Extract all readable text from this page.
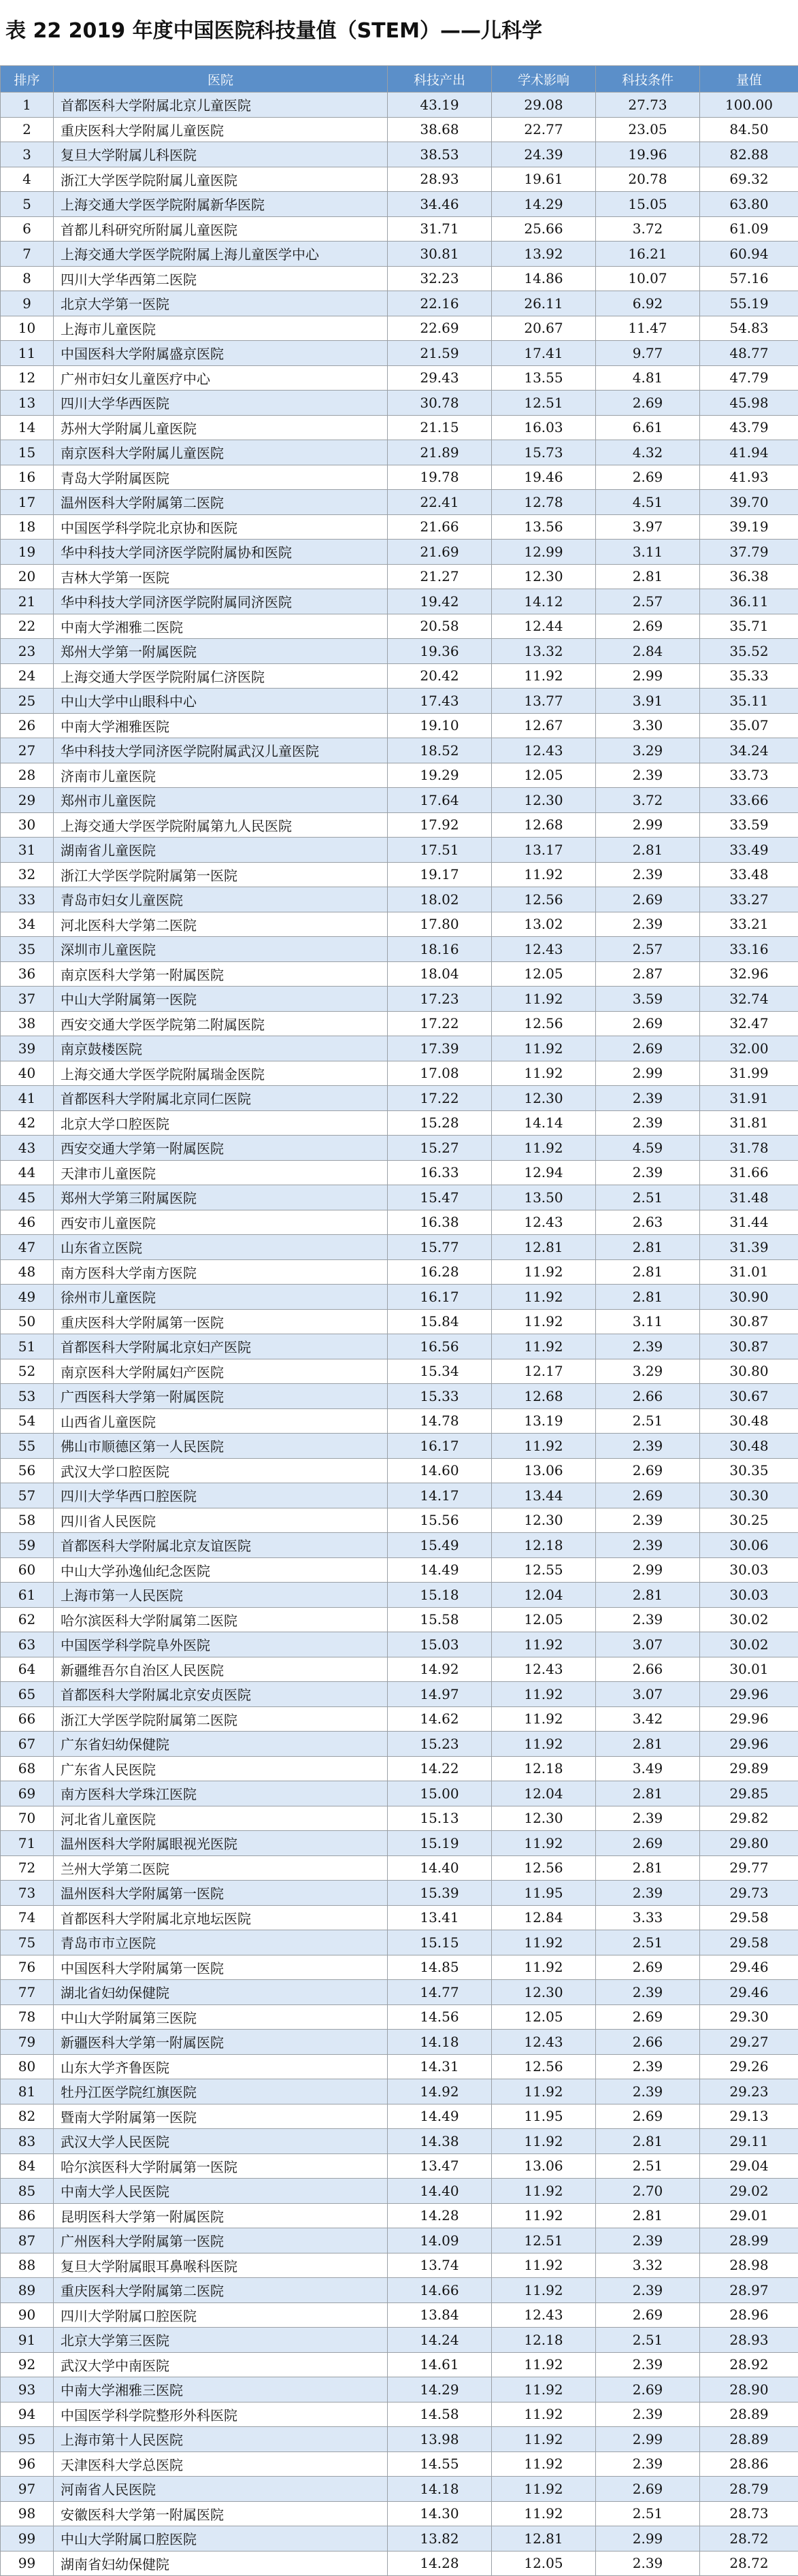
表 22 2019 年度中国医院科技量值（STEM）——儿科学
排序	医院	科技产出	学术影响	科技条件	量值
1	首都医科大学附属北京儿童医院	43.19	29.08	27.73	100.00
2	重庆医科大学附属儿童医院	38.68	22.77	23.05	84.50
3	复旦大学附属儿科医院	38.53	24.39	19.96	82.88
4	浙江大学医学院附属儿童医院	28.93	19.61	20.78	69.32
5	上海交通大学医学院附属新华医院	34.46	14.29	15.05	63.80
6	首都儿科研究所附属儿童医院	31.71	25.66	3.72	61.09
7	上海交通大学医学院附属上海儿童医学中心	30.81	13.92	16.21	60.94
8	四川大学华西第二医院	32.23	14.86	10.07	57.16
9	北京大学第一医院	22.16	26.11	6.92	55.19
10	上海市儿童医院	22.69	20.67	11.47	54.83
11	中国医科大学附属盛京医院	21.59	17.41	9.77	48.77
12	广州市妇女儿童医疗中心	29.43	13.55	4.81	47.79
13	四川大学华西医院	30.78	12.51	2.69	45.98
14	苏州大学附属儿童医院	21.15	16.03	6.61	43.79
15	南京医科大学附属儿童医院	21.89	15.73	4.32	41.94
16	青岛大学附属医院	19.78	19.46	2.69	41.93
17	温州医科大学附属第二医院	22.41	12.78	4.51	39.70
18	中国医学科学院北京协和医院	21.66	13.56	3.97	39.19
19	华中科技大学同济医学院附属协和医院	21.69	12.99	3.11	37.79
20	吉林大学第一医院	21.27	12.30	2.81	36.38
21	华中科技大学同济医学院附属同济医院	19.42	14.12	2.57	36.11
22	中南大学湘雅二医院	20.58	12.44	2.69	35.71
23	郑州大学第一附属医院	19.36	13.32	2.84	35.52
24	上海交通大学医学院附属仁济医院	20.42	11.92	2.99	35.33
25	中山大学中山眼科中心	17.43	13.77	3.91	35.11
26	中南大学湘雅医院	19.10	12.67	3.30	35.07
27	华中科技大学同济医学院附属武汉儿童医院	18.52	12.43	3.29	34.24
28	济南市儿童医院	19.29	12.05	2.39	33.73
29	郑州市儿童医院	17.64	12.30	3.72	33.66
30	上海交通大学医学院附属第九人民医院	17.92	12.68	2.99	33.59
31	湖南省儿童医院	17.51	13.17	2.81	33.49
32	浙江大学医学院附属第一医院	19.17	11.92	2.39	33.48
33	青岛市妇女儿童医院	18.02	12.56	2.69	33.27
34	河北医科大学第二医院	17.80	13.02	2.39	33.21
35	深圳市儿童医院	18.16	12.43	2.57	33.16
36	南京医科大学第一附属医院	18.04	12.05	2.87	32.96
37	中山大学附属第一医院	17.23	11.92	3.59	32.74
38	西安交通大学医学院第二附属医院	17.22	12.56	2.69	32.47
39	南京鼓楼医院	17.39	11.92	2.69	32.00
40	上海交通大学医学院附属瑞金医院	17.08	11.92	2.99	31.99
41	首都医科大学附属北京同仁医院	17.22	12.30	2.39	31.91
42	北京大学口腔医院	15.28	14.14	2.39	31.81
43	西安交通大学第一附属医院	15.27	11.92	4.59	31.78
44	天津市儿童医院	16.33	12.94	2.39	31.66
45	郑州大学第三附属医院	15.47	13.50	2.51	31.48
46	西安市儿童医院	16.38	12.43	2.63	31.44
47	山东省立医院	15.77	12.81	2.81	31.39
48	南方医科大学南方医院	16.28	11.92	2.81	31.01
49	徐州市儿童医院	16.17	11.92	2.81	30.90
50	重庆医科大学附属第一医院	15.84	11.92	3.11	30.87
51	首都医科大学附属北京妇产医院	16.56	11.92	2.39	30.87
52	南京医科大学附属妇产医院	15.34	12.17	3.29	30.80
53	广西医科大学第一附属医院	15.33	12.68	2.66	30.67
54	山西省儿童医院	14.78	13.19	2.51	30.48
55	佛山市顺德区第一人民医院	16.17	11.92	2.39	30.48
56	武汉大学口腔医院	14.60	13.06	2.69	30.35
57	四川大学华西口腔医院	14.17	13.44	2.69	30.30
58	四川省人民医院	15.56	12.30	2.39	30.25
59	首都医科大学附属北京友谊医院	15.49	12.18	2.39	30.06
60	中山大学孙逸仙纪念医院	14.49	12.55	2.99	30.03
61	上海市第一人民医院	15.18	12.04	2.81	30.03
62	哈尔滨医科大学附属第二医院	15.58	12.05	2.39	30.02
63	中国医学科学院阜外医院	15.03	11.92	3.07	30.02
64	新疆维吾尔自治区人民医院	14.92	12.43	2.66	30.01
65	首都医科大学附属北京安贞医院	14.97	11.92	3.07	29.96
66	浙江大学医学院附属第二医院	14.62	11.92	3.42	29.96
67	广东省妇幼保健院	15.23	11.92	2.81	29.96
68	广东省人民医院	14.22	12.18	3.49	29.89
69	南方医科大学珠江医院	15.00	12.04	2.81	29.85
70	河北省儿童医院	15.13	12.30	2.39	29.82
71	温州医科大学附属眼视光医院	15.19	11.92	2.69	29.80
72	兰州大学第二医院	14.40	12.56	2.81	29.77
73	温州医科大学附属第一医院	15.39	11.95	2.39	29.73
74	首都医科大学附属北京地坛医院	13.41	12.84	3.33	29.58
75	青岛市市立医院	15.15	11.92	2.51	29.58
76	中国医科大学附属第一医院	14.85	11.92	2.69	29.46
77	湖北省妇幼保健院	14.77	12.30	2.39	29.46
78	中山大学附属第三医院	14.56	12.05	2.69	29.30
79	新疆医科大学第一附属医院	14.18	12.43	2.66	29.27
80	山东大学齐鲁医院	14.31	12.56	2.39	29.26
81	牡丹江医学院红旗医院	14.92	11.92	2.39	29.23
82	暨南大学附属第一医院	14.49	11.95	2.69	29.13
83	武汉大学人民医院	14.38	11.92	2.81	29.11
84	哈尔滨医科大学附属第一医院	13.47	13.06	2.51	29.04
85	中南大学人民医院	14.40	11.92	2.70	29.02
86	昆明医科大学第一附属医院	14.28	11.92	2.81	29.01
87	广州医科大学附属第一医院	14.09	12.51	2.39	28.99
88	复旦大学附属眼耳鼻喉科医院	13.74	11.92	3.32	28.98
89	重庆医科大学附属第二医院	14.66	11.92	2.39	28.97
90	四川大学附属口腔医院	13.84	12.43	2.69	28.96
91	北京大学第三医院	14.24	12.18	2.51	28.93
92	武汉大学中南医院	14.61	11.92	2.39	28.92
93	中南大学湘雅三医院	14.29	11.92	2.69	28.90
94	中国医学科学院整形外科医院	14.58	11.92	2.39	28.89
95	上海市第十人民医院	13.98	11.92	2.99	28.89
96	天津医科大学总医院	14.55	11.92	2.39	28.86
97	河南省人民医院	14.18	11.92	2.69	28.79
98	安徽医科大学第一附属医院	14.30	11.92	2.51	28.73
99	中山大学附属口腔医院	13.82	12.81	2.99	28.72
99	湖南省妇幼保健院	14.28	12.05	2.39	28.72
